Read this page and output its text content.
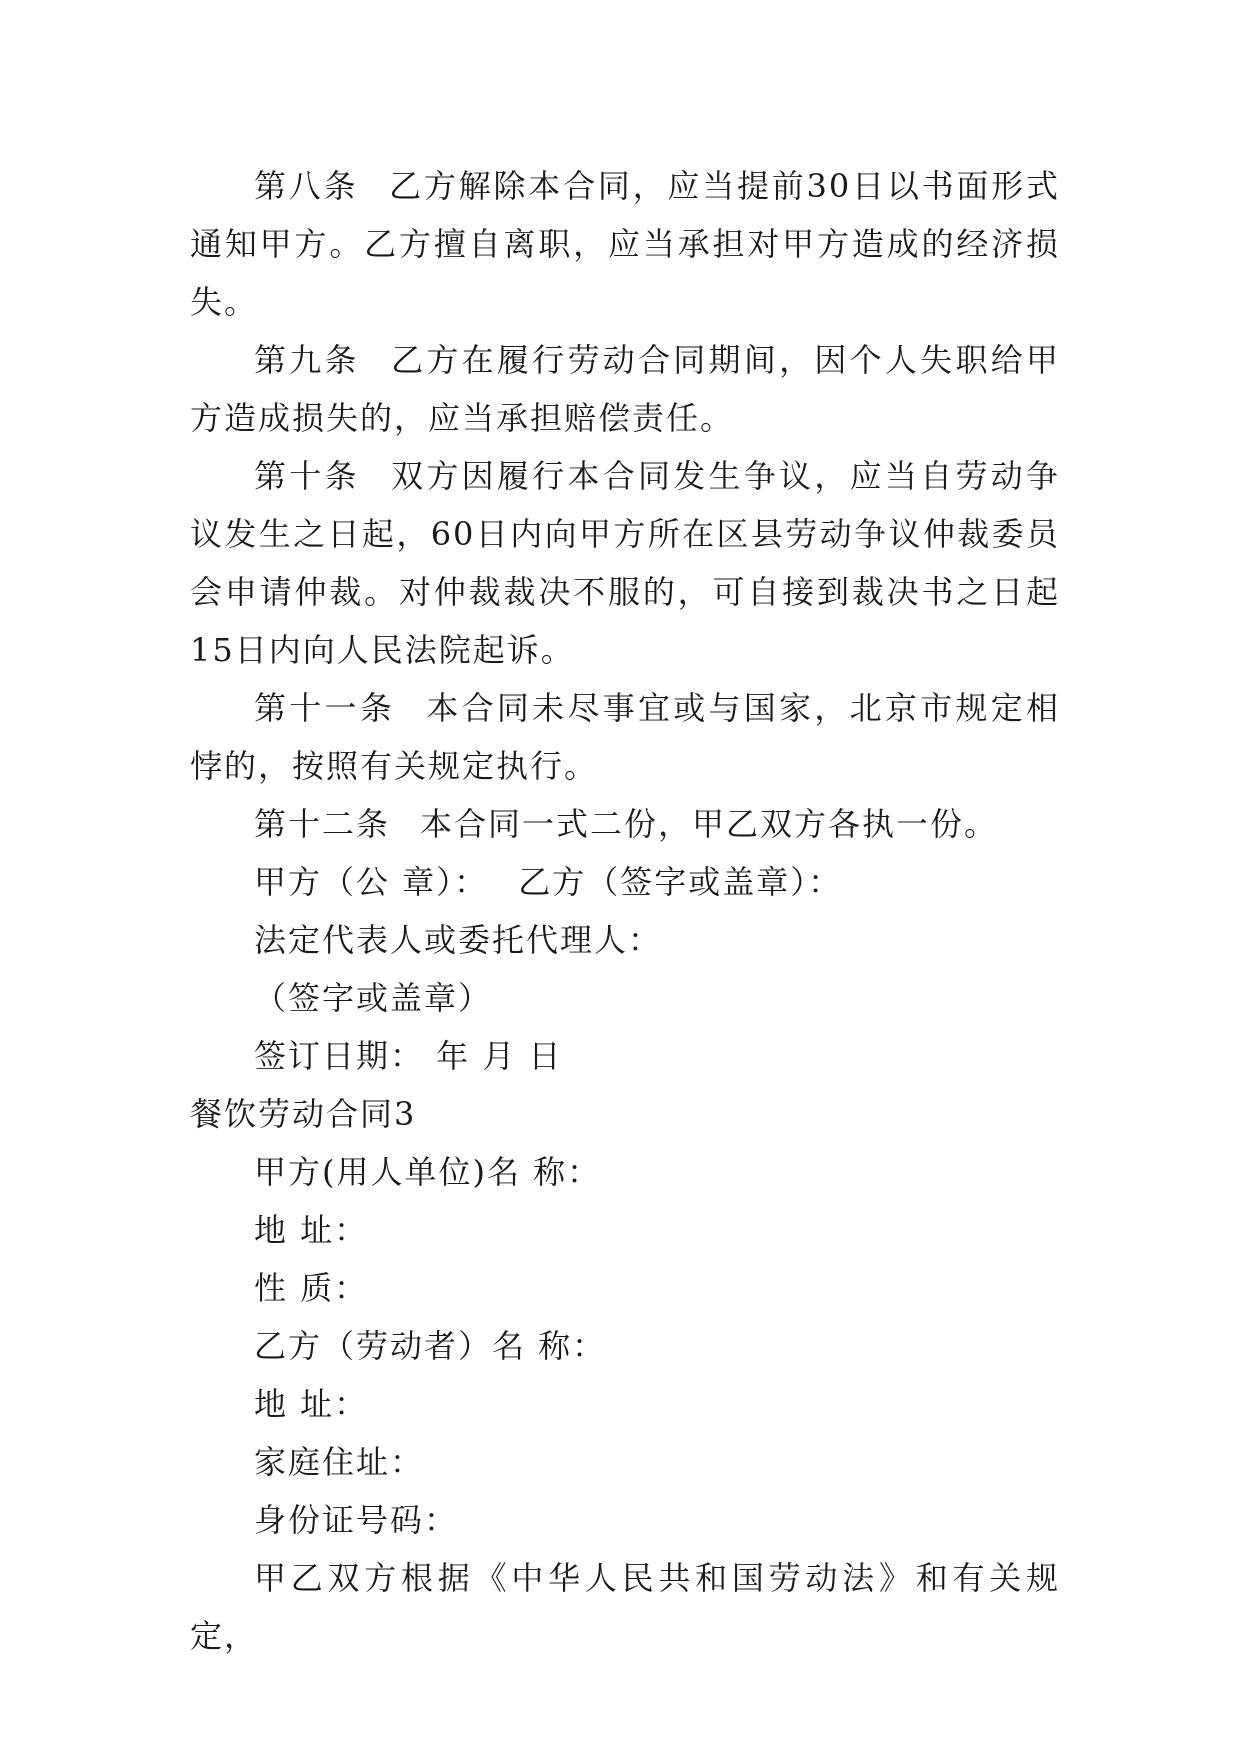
第八条 乙方解除本合同，应当提前30日以书面形式通知甲方。乙方擅自离职，应当承担对甲方造成的经济损失。

第九条 乙方在履行劳动合同期间，因个人失职给甲方造成损失的，应当承担赔偿责任。

第十条 双方因履行本合同发生争议，应当自劳动争议发生之日起，60日内向甲方所在区县劳动争议仲裁委员会申请仲裁。对仲裁裁决不服的，可自接到裁决书之日起15日内向人民法院起诉。

第十一条 本合同未尽事宜或与国家，北京市规定相悖的，按照有关规定执行。

第十二条 本合同一式二份，甲乙双方各执一份。

甲方（公 章）： 乙方（签字或盖章）：

法定代表人或委托代理人：

（签字或盖章）

签订日期： 年 月 日

餐饮劳动合同3

甲方(用人单位)名 称：

地 址：

性 质：

乙方（劳动者）名 称：

地 址：

家庭住址：

身份证号码：

甲乙双方根据《中华人民共和国劳动法》和有关规定，
